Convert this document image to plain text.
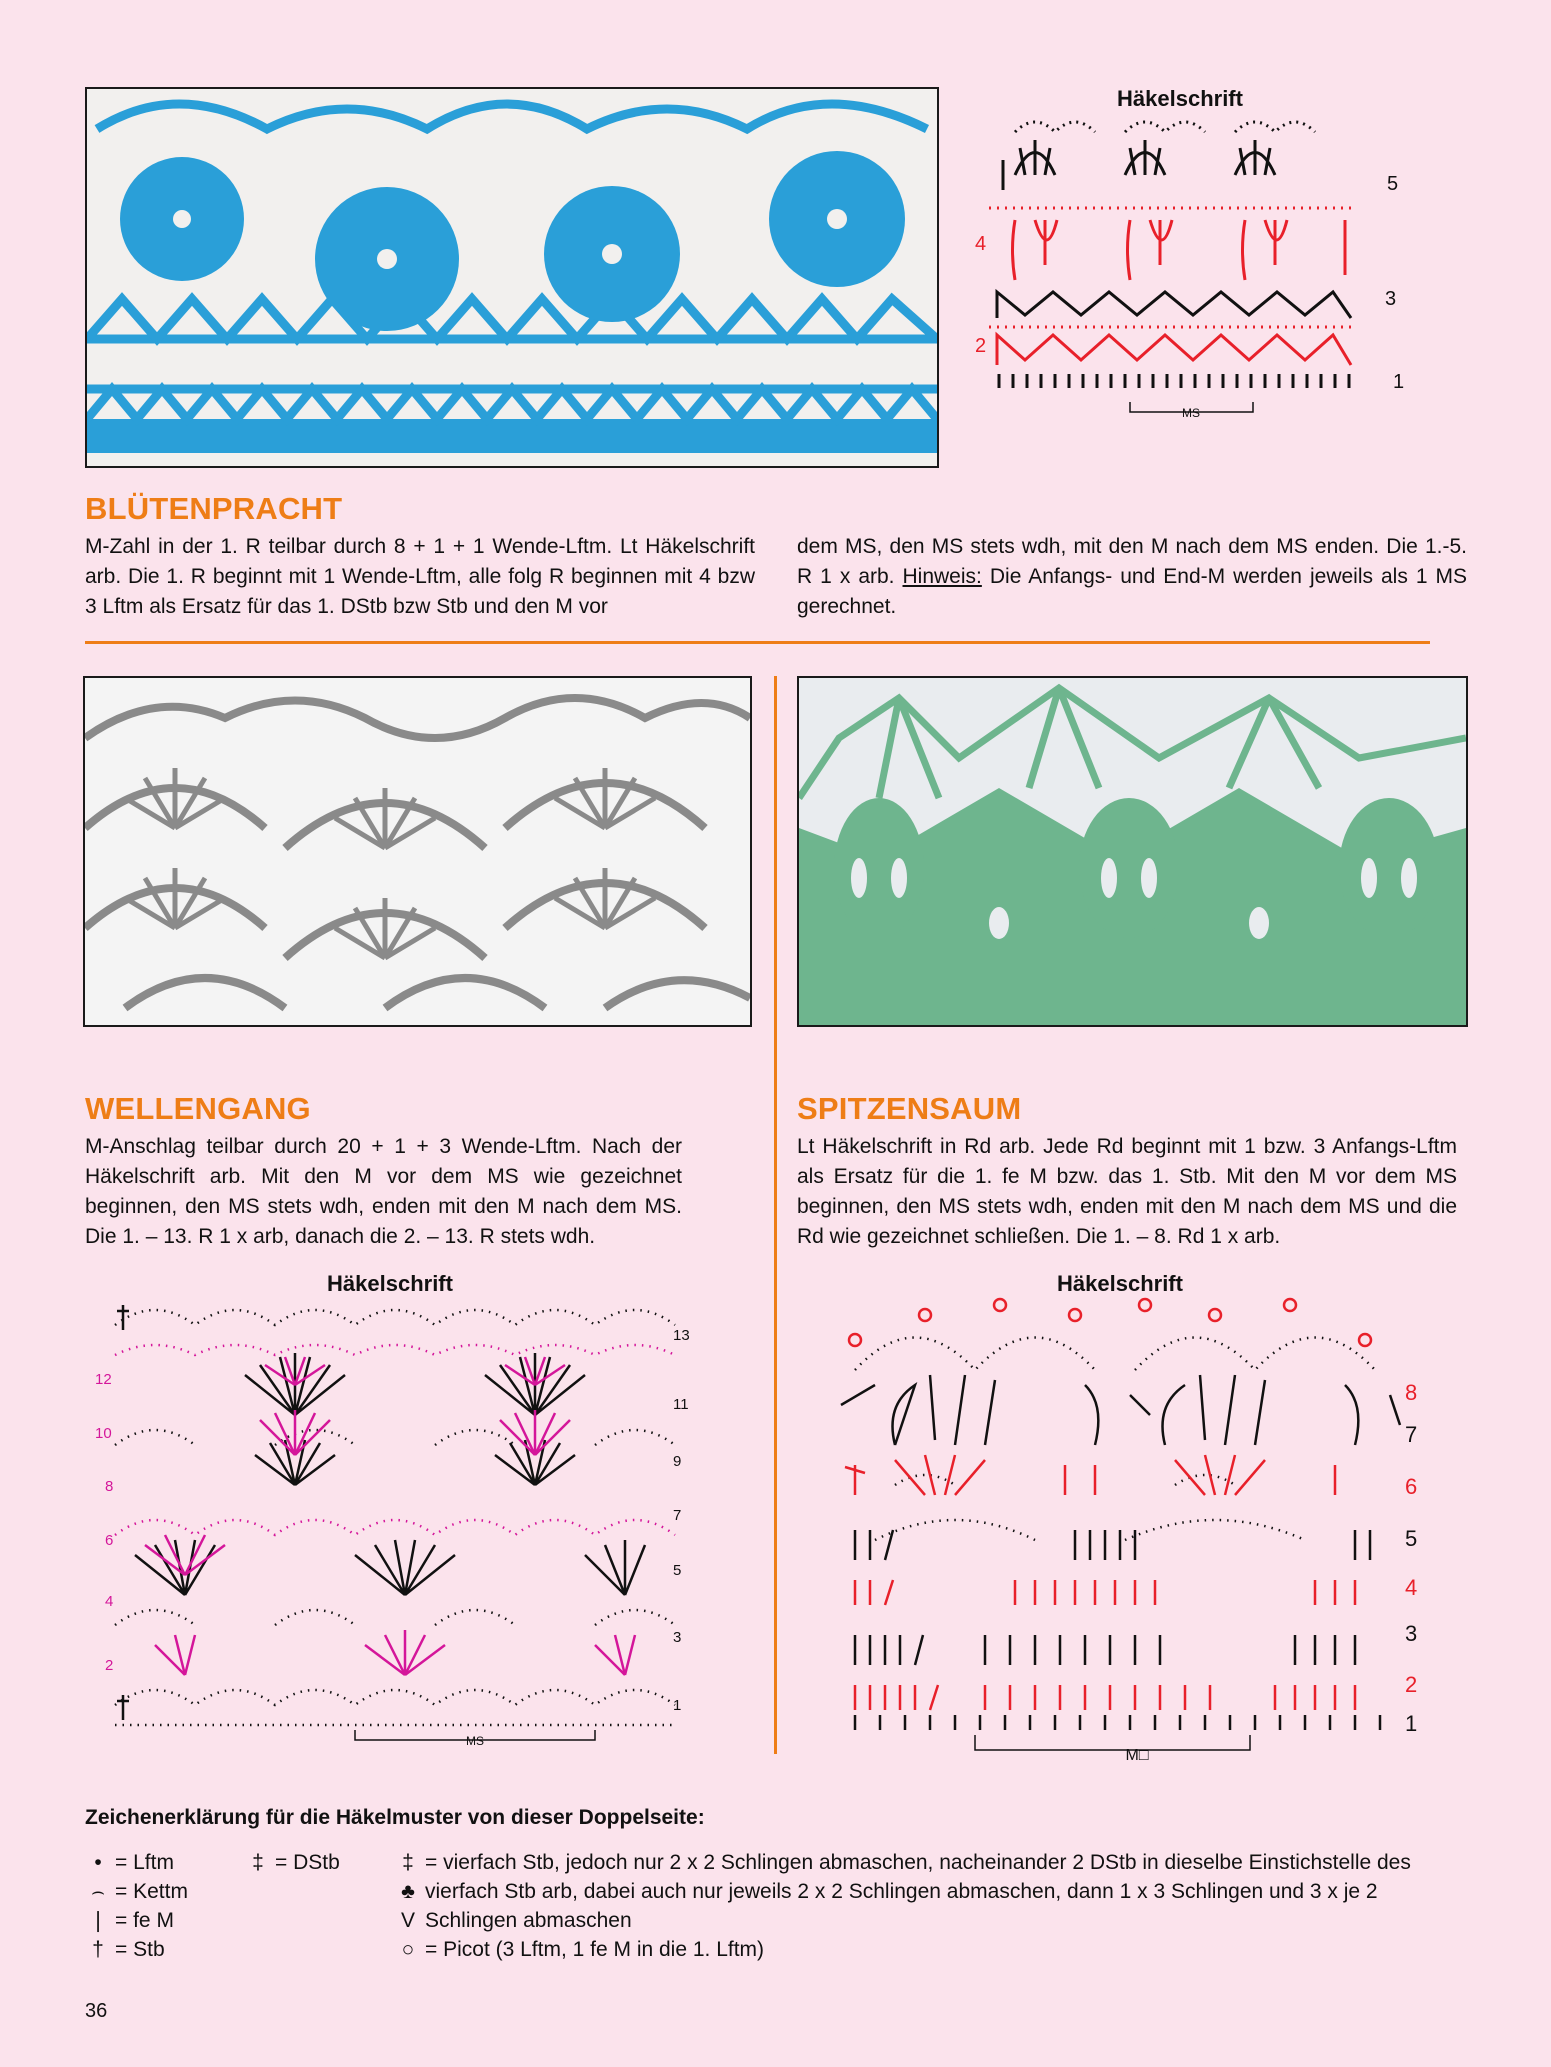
Häkelschrift
MS
5
4
3
2
1
BLÜTENPRACHT

M-Zahl in der 1. R teilbar durch 8 + 1 + 1 Wende-Lftm. Lt Häkelschrift arb. Die 1. R beginnt mit 1 Wende-Lftm, alle folg R beginnen mit 4 bzw 3 Lftm als Ersatz für das 1. DStb bzw Stb und den M vor

dem MS, den MS stets wdh, mit den M nach dem MS enden. Die 1.-5. R 1 x arb. Hinweis: Die Anfangs- und End-M werden jeweils als 1 MS gerechnet.

WELLENGANG

M-Anschlag teilbar durch 20 + 1 + 3 Wende-Lftm. Nach der Häkelschrift arb. Mit den M vor dem MS wie gezeichnet beginnen, den MS stets wdh, enden mit den M nach dem MS. Die 1. – 13. R 1 x arb, danach die 2. – 13. R stets wdh.

SPITZENSAUM

Lt Häkelschrift in Rd arb. Jede Rd beginnt mit 1 bzw. 3 Anfangs-Lftm als Ersatz für die 1. fe M bzw. das 1. Stb. Mit den M vor dem MS beginnen, den MS stets wdh, enden mit den M nach dem MS und die Rd wie gezeichnet schließen. Die 1. – 8. Rd 1 x arb.

Häkelschrift
MS
13
11
9
7
5
3
1
12
10
8
6
4
2
Häkelschrift
M□
8
7
6
5
4
3
2
1
Zeichenerklärung für die Häkelmuster von dieser Doppelseite:
• = Lftm
⌢ = Kettm
❘ = fe M
† = Stb
‡ = DStb	‡ = vierfach Stb, jedoch nur 2 x 2 Schlingen abmaschen, nacheinander 2 DStb in dieselbe Einstichstelle des
♣ vierfach Stb arb, dabei auch nur jeweils 2 x 2 Schlingen abmaschen, dann 1 x 3 Schlingen und 3 x je 2
V Schlingen abmaschen
○ = Picot (3 Lftm, 1 fe M in die 1. Lftm)
36
